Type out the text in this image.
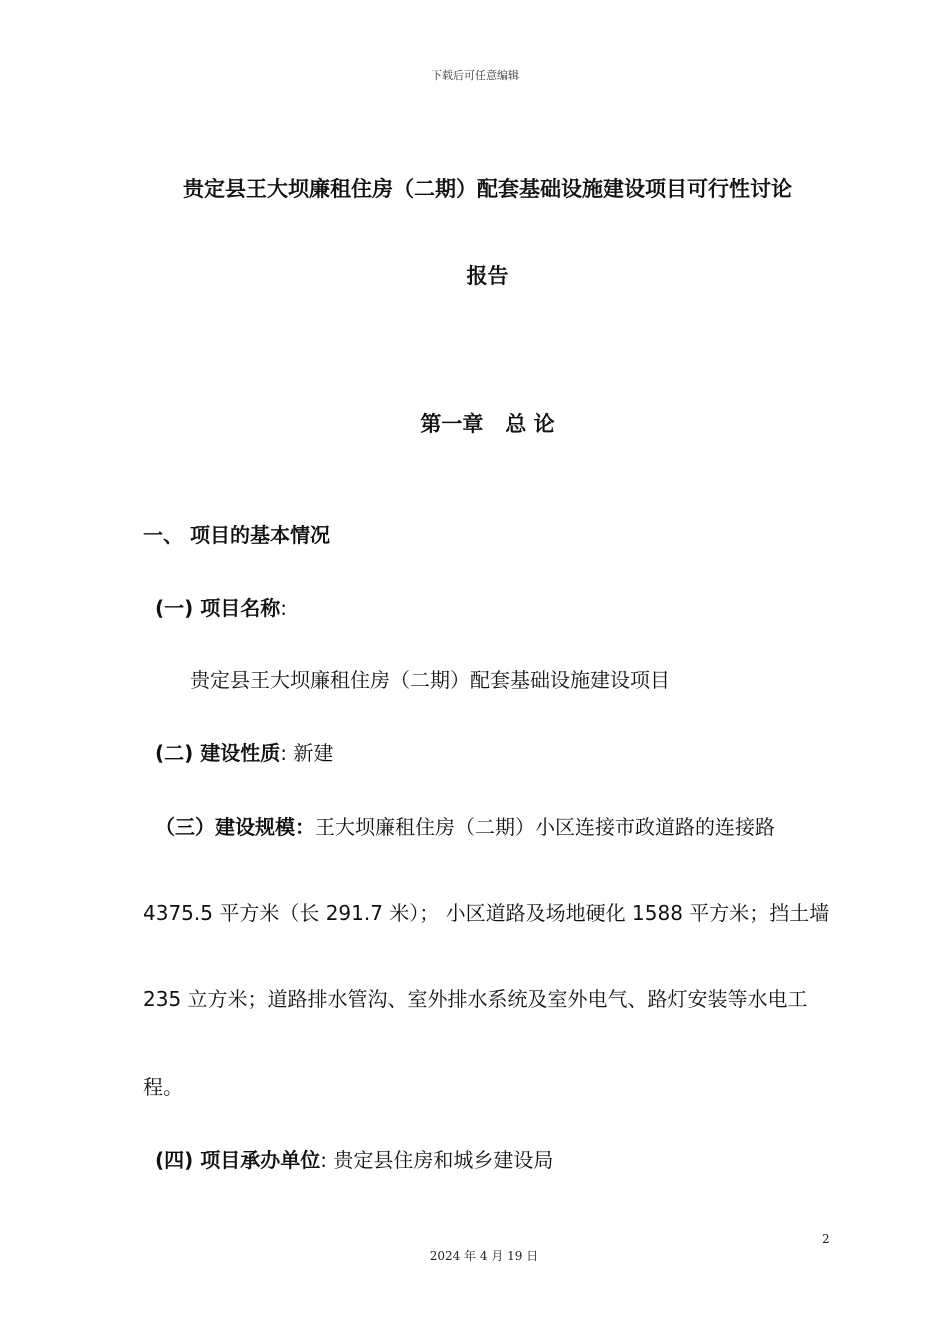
下载后可任意编辑
贵定县王大坝廉租住房（二期）配套基础设施建设项目可行性讨论
报告
第一章   总 论
一、 项目的基本情况
(一) 项目名称:
贵定县王大坝廉租住房（二期）配套基础设施建设项目
(二) 建设性质: 新建
（三）建设规模：王大坝廉租住房（二期）小区连接市政道路的连接路
4375.5 平方米（长 291.7 米）； 小区道路及场地硬化 1588 平方米；挡土墙
235 立方米；道路排水管沟、室外排水系统及室外电气、路灯安装等水电工
程。
(四) 项目承办单位: 贵定县住房和城乡建设局
2
2024 年 4 月 19 日
